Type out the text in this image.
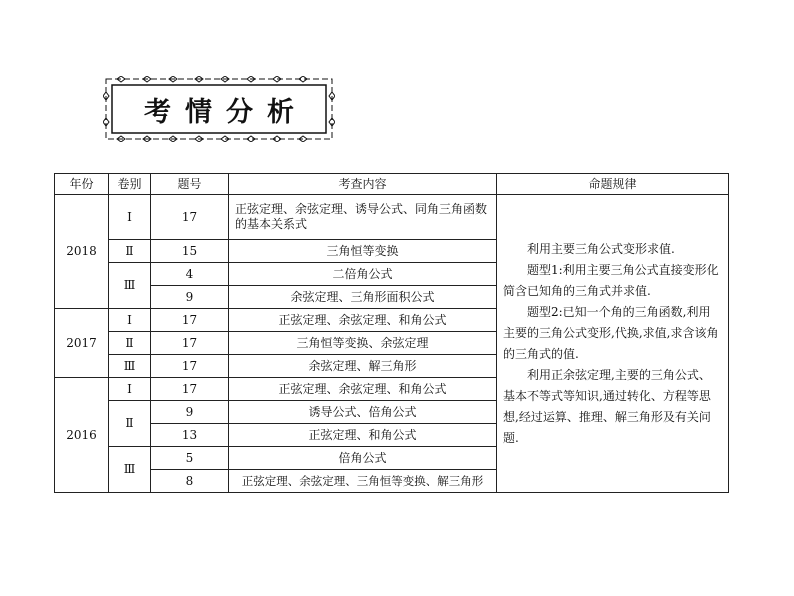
考情分析
年份	卷别	题号	考查内容	命题规律
2018	Ⅰ	17	正弦定理、余弦定理、诱导公式、同角三角函数的基本关系式	利用主要三角公式变形求值.

题型1:利用主要三角公式直接变形化简含已知角的三角式并求值.

题型2:已知一个角的三角函数,利用主要的三角公式变形,代换,求值,求含该角的三角式的值.

利用正余弦定理,主要的三角公式、基本不等式等知识,通过转化、方程等思想,经过运算、推理、解三角形及有关问题.

	Ⅱ	15	三角恒等变换	
	Ⅲ	4	二倍角公式	
		9	余弦定理、三角形面积公式	
2017	Ⅰ	17	正弦定理、余弦定理、和角公式	
	Ⅱ	17	三角恒等变换、余弦定理	
	Ⅲ	17	余弦定理、解三角形	
2016	Ⅰ	17	正弦定理、余弦定理、和角公式	
	Ⅱ	9	诱导公式、倍角公式	
		13	正弦定理、和角公式	
	Ⅲ	5	倍角公式	
		8	正弦定理、余弦定理、三角恒等变换、解三角形	
